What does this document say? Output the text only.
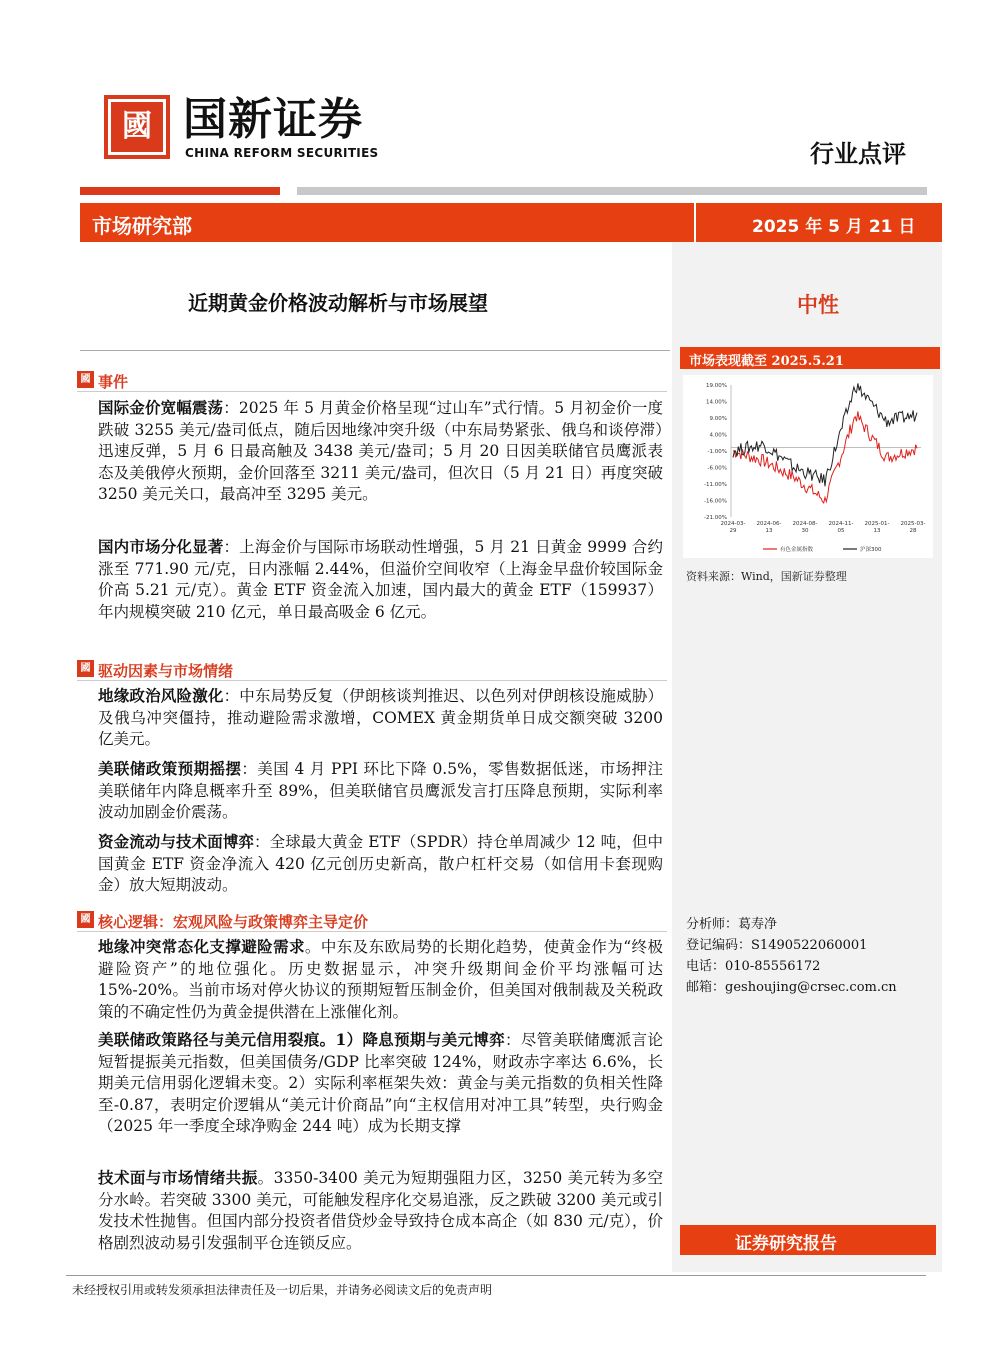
國 国新证券
CHINA REFORM SECURITIES	行业点评
市场研究部	2025 年 5 月 21 日
中性
市场表现截至 2025.5.21
19.00%
14.00%
9.00%
4.00%
-1.00%
-6.00%
-11.00%
-16.00%
-21.00%
2024-03-
29
2024-06-
13
2024-08-
30
2024-11-
05
2025-01-
13
2025-03-
28
有色金属指数	沪深300
资料来源：Wind，国新证券整理
分析师：葛寿净
登记编码：S1490522060001
电话：010-85556172
邮箱：geshoujing@crsec.com.cn
证券研究报告
近期黄金价格波动解析与市场展望
國 事件
国际金价宽幅震荡：2025 年 5 月黄金价格呈现“过山车”式行情。5 月初金价一度跌破 3255 美元/盎司低点，随后因地缘冲突升级（中东局势紧张、俄乌和谈停滞）迅速反弹，5 月 6 日最高触及 3438 美元/盎司；5 月 20 日因美联储官员鹰派表态及美俄停火预期，金价回落至 3211 美元/盎司，但次日（5 月 21 日）再度突破 3250 美元关口，最高冲至 3295 美元。
国内市场分化显著：上海金价与国际市场联动性增强，5 月 21 日黄金 9999 合约涨至 771.90 元/克，日内涨幅 2.44%，但溢价空间收窄（上海金早盘价较国际金价高 5.21 元/克）。黄金 ETF 资金流入加速，国内最大的黄金 ETF（159937）年内规模突破 210 亿元，单日最高吸金 6 亿元。
國 驱动因素与市场情绪
地缘政治风险激化：中东局势反复（伊朗核谈判推迟、以色列对伊朗核设施威胁）及俄乌冲突僵持，推动避险需求激增，COMEX 黄金期货单日成交额突破 3200 亿美元。
美联储政策预期摇摆：美国 4 月 PPI 环比下降 0.5%，零售数据低迷，市场押注美联储年内降息概率升至 89%，但美联储官员鹰派发言打压降息预期，实际利率波动加剧金价震荡。
资金流动与技术面博弈：全球最大黄金 ETF（SPDR）持仓单周减少 12 吨，但中国黄金 ETF 资金净流入 420 亿元创历史新高，散户杠杆交易（如信用卡套现购金）放大短期波动。
國 核心逻辑：宏观风险与政策博弈主导定价
地缘冲突常态化支撑避险需求。中东及东欧局势的长期化趋势，使黄金作为“终极避险资产”的地位强化。历史数据显示，冲突升级期间金价平均涨幅可达 15%-20%。当前市场对停火协议的预期短暂压制金价，但美国对俄制裁及关税政策的不确定性仍为黄金提供潜在上涨催化剂。
美联储政策路径与美元信用裂痕。1）降息预期与美元博弈：尽管美联储鹰派言论短暂提振美元指数，但美国债务/GDP 比率突破 124%，财政赤字率达 6.6%，长期美元信用弱化逻辑未变。2）实际利率框架失效：黄金与美元指数的负相关性降至-0.87，表明定价逻辑从“美元计价商品”向“主权信用对冲工具”转型，央行购金（2025 年一季度全球净购金 244 吨）成为长期支撑
技术面与市场情绪共振。3350-3400 美元为短期强阻力区，3250 美元转为多空分水岭。若突破 3300 美元，可能触发程序化交易追涨，反之跌破 3200 美元或引发技术性抛售。但国内部分投资者借贷炒金导致持仓成本高企（如 830 元/克），价格剧烈波动易引发强制平仓连锁反应。
未经授权引用或转发须承担法律责任及一切后果，并请务必阅读文后的免责声明
